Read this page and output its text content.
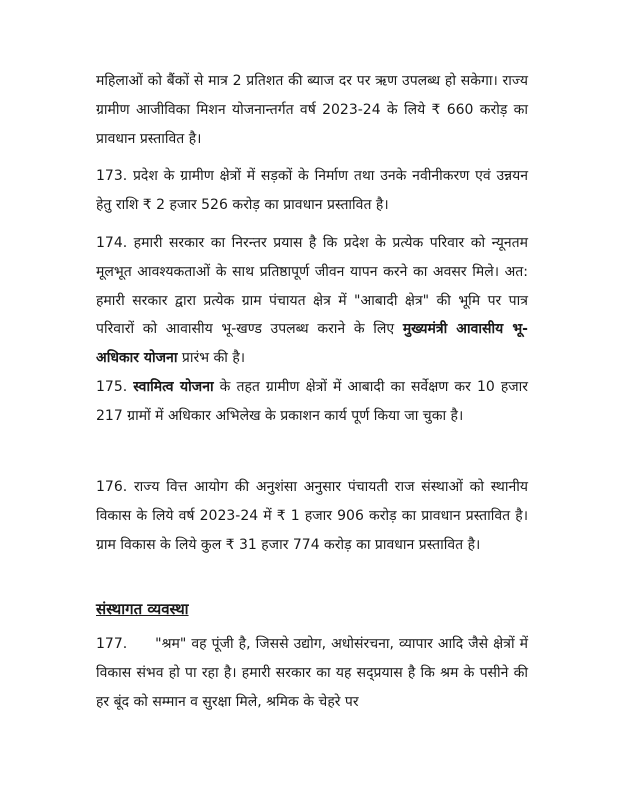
महिलाओं को बैंकों से मात्र 2 प्रतिशत की ब्याज दर पर ऋण उपलब्ध हो सकेगा। राज्य ग्रामीण आजीविका मिशन योजनान्तर्गत वर्ष 2023-24 के लिये ₹ 660 करोड़ का प्रावधान प्रस्तावित है।
173. प्रदेश के ग्रामीण क्षेत्रों में सड़कों के निर्माण तथा उनके नवीनीकरण एवं उन्नयन हेतु राशि ₹ 2 हजार 526 करोड़ का प्रावधान प्रस्तावित है।
174. हमारी सरकार का निरन्तर प्रयास है कि प्रदेश के प्रत्येक परिवार को न्यूनतम मूलभूत आवश्यकताओं के साथ प्रतिष्ठापूर्ण जीवन यापन करने का अवसर मिले। अत: हमारी सरकार द्वारा प्रत्येक ग्राम पंचायत क्षेत्र में "आबादी क्षेत्र" की भूमि पर पात्र परिवारों को आवासीय भू-खण्ड उपलब्ध कराने के लिए मुख्यमंत्री आवासीय भू-अधिकार योजना प्रारंभ की है।
175. स्वामित्व योजना के तहत ग्रामीण क्षेत्रों में आबादी का सर्वेक्षण कर 10 हजार 217 ग्रामों में अधिकार अभिलेख के प्रकाशन कार्य पूर्ण किया जा चुका है।
176. राज्य वित्त आयोग की अनुशंसा अनुसार पंचायती राज संस्थाओं को स्थानीय विकास के लिये वर्ष 2023-24 में ₹ 1 हजार 906 करोड़ का प्रावधान प्रस्तावित है। ग्राम विकास के लिये कुल ₹ 31 हजार 774 करोड़ का प्रावधान प्रस्तावित है।
संस्थागत व्यवस्था
177. "श्रम" वह पूंजी है, जिससे उद्योग, अधोसंरचना, व्यापार आदि जैसे क्षेत्रों में विकास संभव हो पा रहा है। हमारी सरकार का यह सद्प्रयास है कि श्रम के पसीने की हर बूंद को सम्मान व सुरक्षा मिले, श्रमिक के चेहरे पर
